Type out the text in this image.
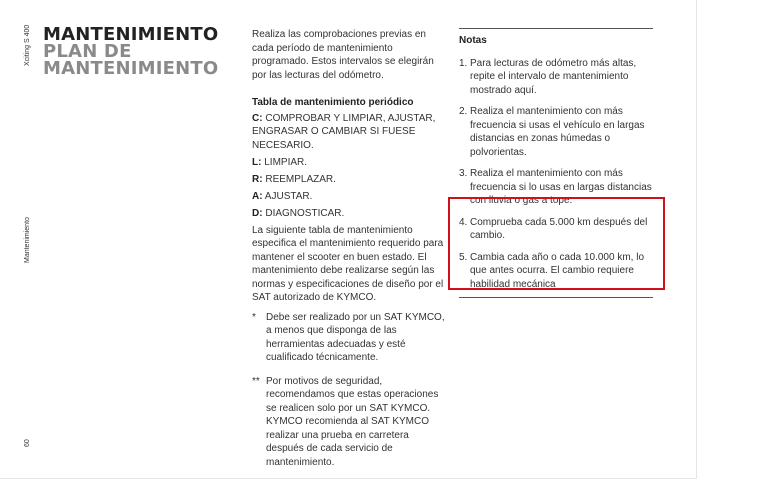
Xciting S 400
Mantenimiento
60
MANTENIMIENTO
PLAN DE
MANTENIMIENTO

Realiza las comprobaciones previas en cada período de mantenimiento programado. Estos intervalos se elegirán por las lecturas del odómetro.

Tabla de mantenimiento periódico

C: COMPROBAR Y LIMPIAR, AJUSTAR, ENGRASAR O CAMBIAR SI FUESE NECESARIO.

L: LIMPIAR.

R: REEMPLAZAR.

A: AJUSTAR.

D: DIAGNOSTICAR.

La siguiente tabla de mantenimiento especifica el mantenimiento requerido para mantener el scooter en buen estado. El mantenimiento debe realizarse según las normas y especificaciones de diseño por el SAT autorizado de KYMCO.

*	Debe ser realizado por un SAT KYMCO, a menos que disponga de las herramientas adecuadas y esté cualificado técnicamente.
** Por motivos de seguridad, recomendamos que estas operaciones se realicen solo por un SAT KYMCO. KYMCO recomienda al SAT KYMCO realizar una prueba en carretera después de cada servicio de mantenimiento.
Notas
1. Para lecturas de odómetro más altas, repite el intervalo de mantenimiento mostrado aquí.
2. Realiza el mantenimiento con más frecuencia si usas el vehículo en largas distancias en zonas húmedas o polvorientas.
3. Realiza el mantenimiento con más frecuencia si lo usas en largas distancias con lluvia o gas a tope.
4. Comprueba cada 5.000 km después del cambio.
5. Cambia cada año o cada 10.000 km, lo que antes ocurra. El cambio requiere habilidad mecánica
